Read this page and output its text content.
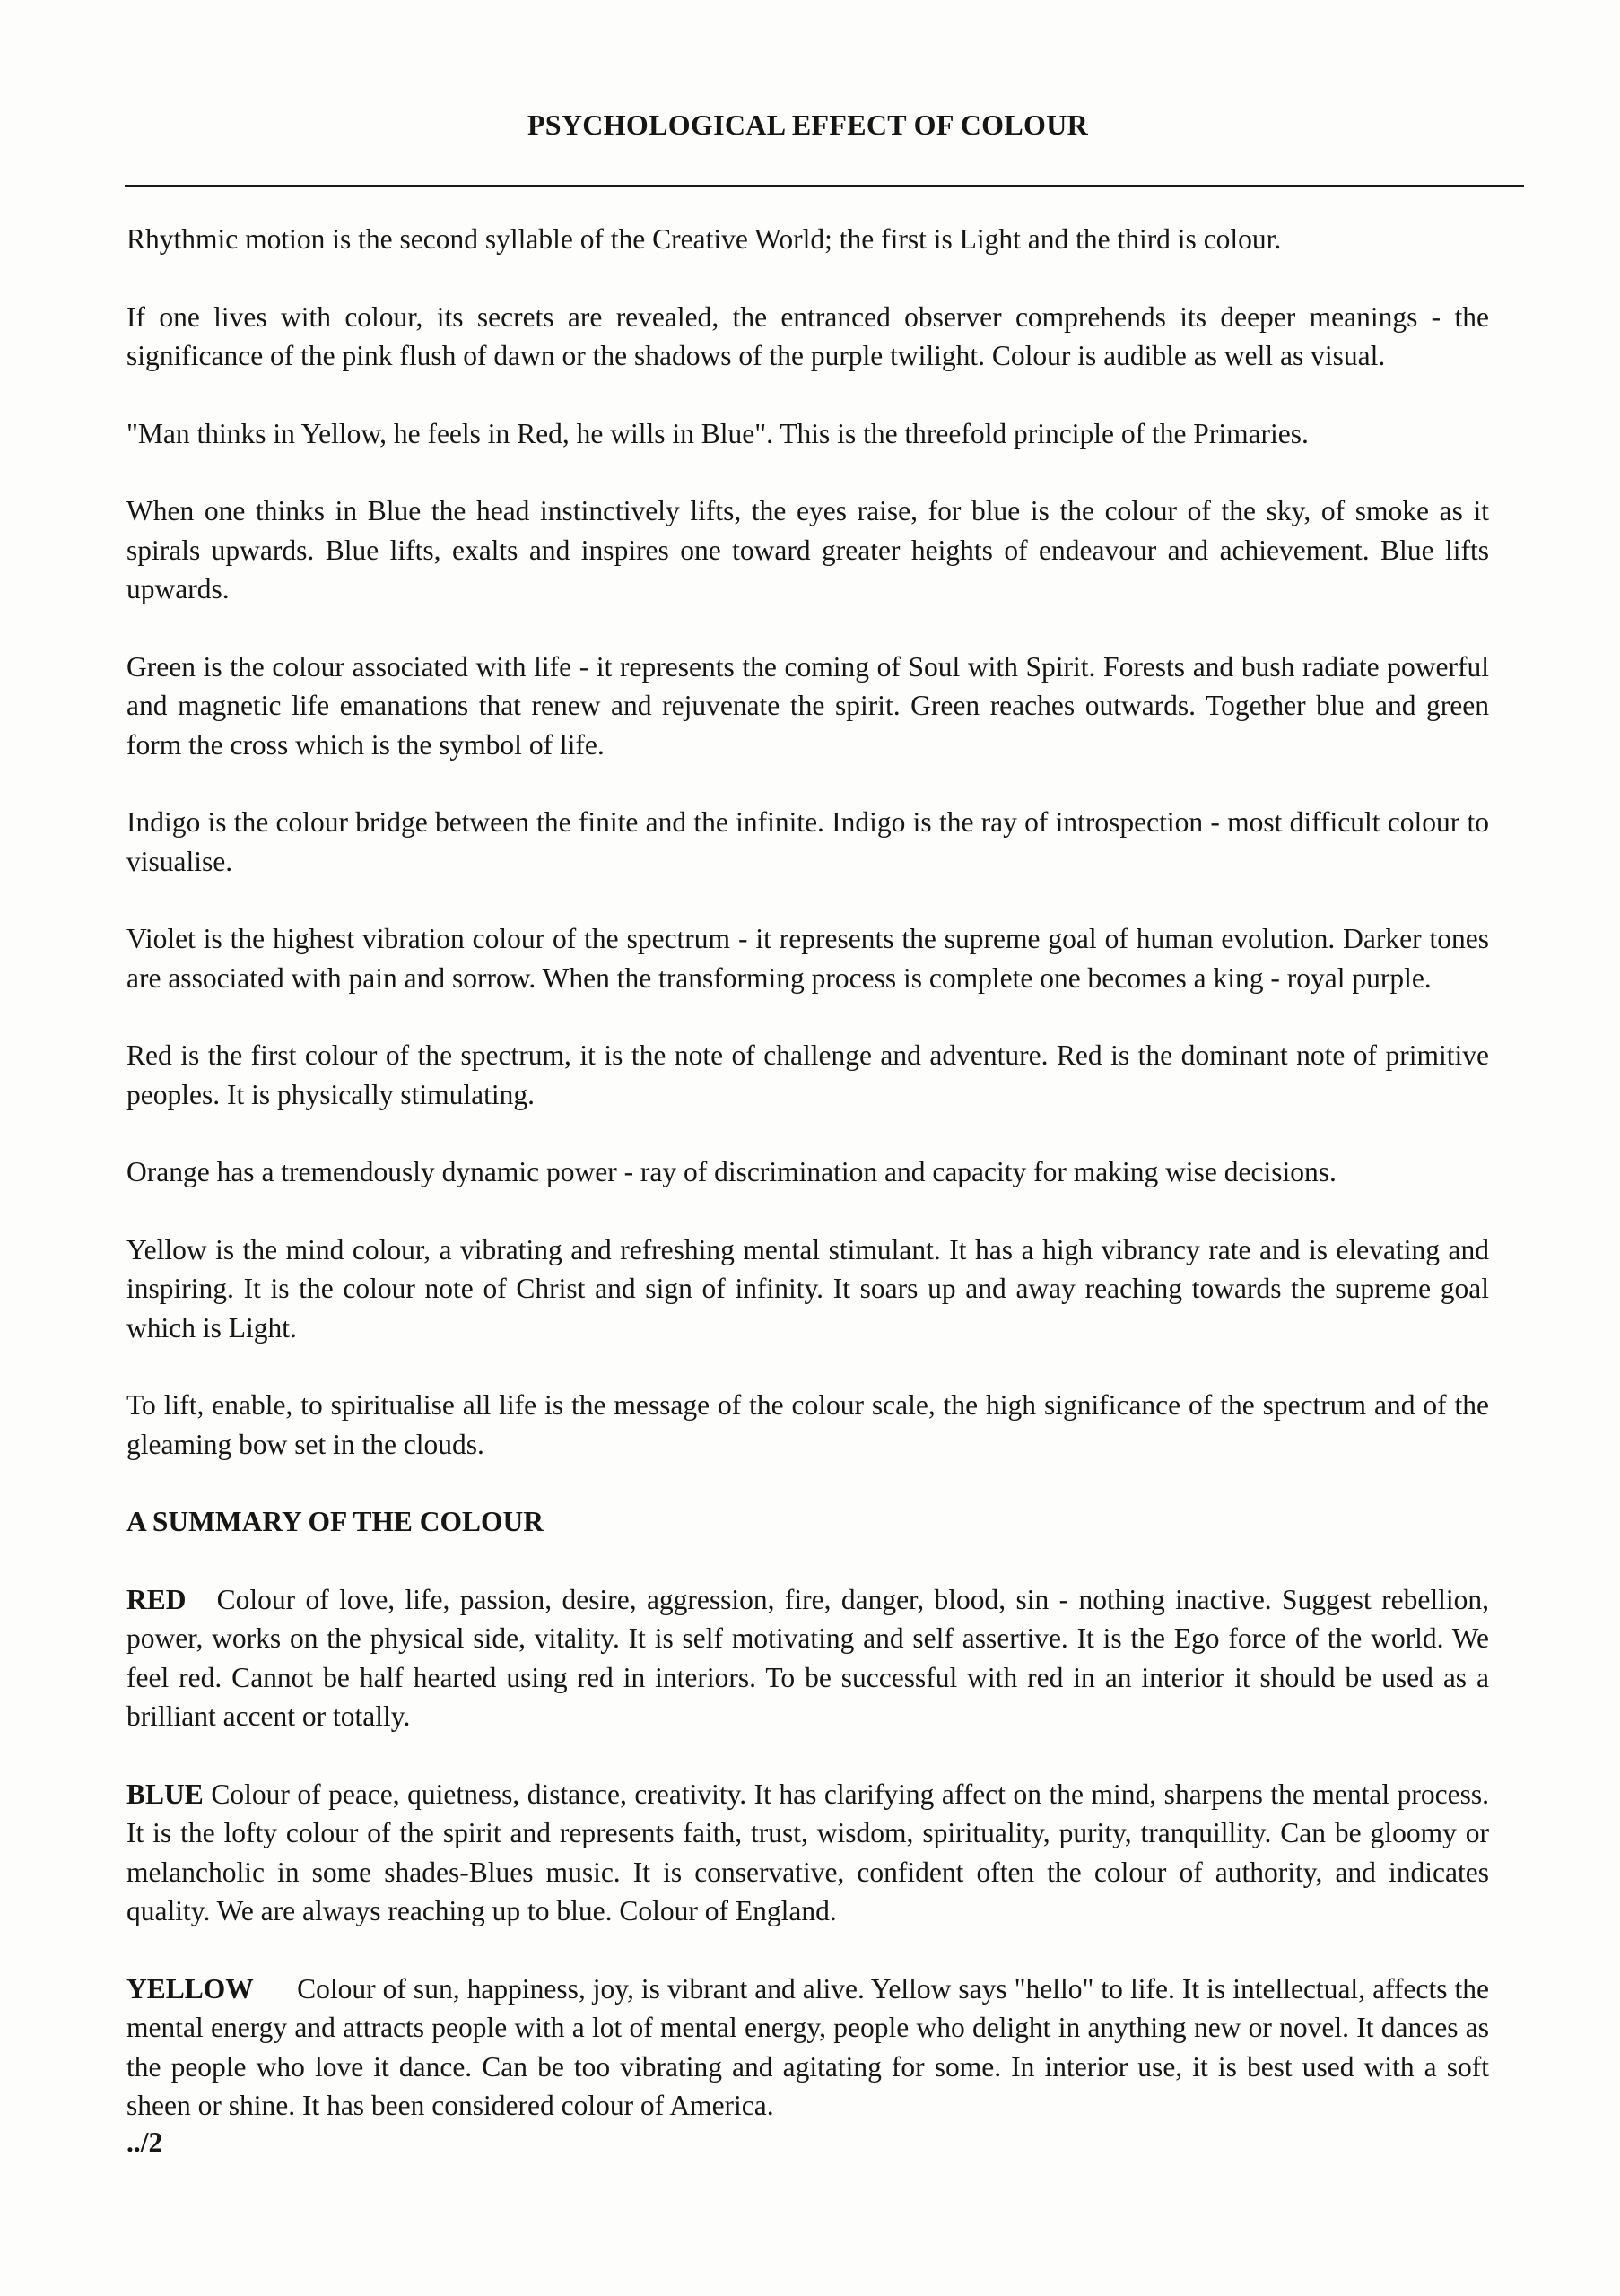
PSYCHOLOGICAL EFFECT OF COLOUR

Rhythmic motion is the second syllable of the Creative World; the first is Light and the third is colour.

If one lives with colour, its secrets are revealed, the entranced observer comprehends its deeper meanings - the significance of the pink flush of dawn or the shadows of the purple twilight. Colour is audible as well as visual.

"Man thinks in Yellow, he feels in Red, he wills in Blue". This is the threefold principle of the Primaries.

When one thinks in Blue the head instinctively lifts, the eyes raise, for blue is the colour of the sky, of smoke as it spirals upwards. Blue lifts, exalts and inspires one toward greater heights of endeavour and achievement. Blue lifts upwards.

Green is the colour associated with life - it represents the coming of Soul with Spirit. Forests and bush radiate powerful and magnetic life emanations that renew and rejuvenate the spirit. Green reaches outwards. Together blue and green form the cross which is the symbol of life.

Indigo is the colour bridge between the finite and the infinite. Indigo is the ray of introspection - most difficult colour to visualise.

Violet is the highest vibration colour of the spectrum - it represents the supreme goal of human evolution. Darker tones are associated with pain and sorrow. When the transforming process is complete one becomes a king - royal purple.

Red is the first colour of the spectrum, it is the note of challenge and adventure. Red is the dominant note of primitive peoples. It is physically stimulating.

Orange has a tremendously dynamic power - ray of discrimination and capacity for making wise decisions.

Yellow is the mind colour, a vibrating and refreshing mental stimulant. It has a high vibrancy rate and is elevating and inspiring. It is the colour note of Christ and sign of infinity. It soars up and away reaching towards the supreme goal which is Light.

To lift, enable, to spiritualise all life is the message of the colour scale, the high significance of the spectrum and of the gleaming bow set in the clouds.

A SUMMARY OF THE COLOUR

RED Colour of love, life, passion, desire, aggression, fire, danger, blood, sin - nothing inactive. Suggest rebellion, power, works on the physical side, vitality. It is self motivating and self assertive. It is the Ego force of the world. We feel red. Cannot be half hearted using red in interiors. To be successful with red in an interior it should be used as a brilliant accent or totally.

BLUE Colour of peace, quietness, distance, creativity. It has clarifying affect on the mind, sharpens the mental process. It is the lofty colour of the spirit and represents faith, trust, wisdom, spirituality, purity, tranquillity. Can be gloomy or melancholic in some shades-Blues music. It is conservative, confident often the colour of authority, and indicates quality. We are always reaching up to blue. Colour of England.

YELLOW Colour of sun, happiness, joy, is vibrant and alive. Yellow says "hello" to life. It is intellectual, affects the mental energy and attracts people with a lot of mental energy, people who delight in anything new or novel. It dances as the people who love it dance. Can be too vibrating and agitating for some. In interior use, it is best used with a soft sheen or shine. It has been considered colour of America.

../2
